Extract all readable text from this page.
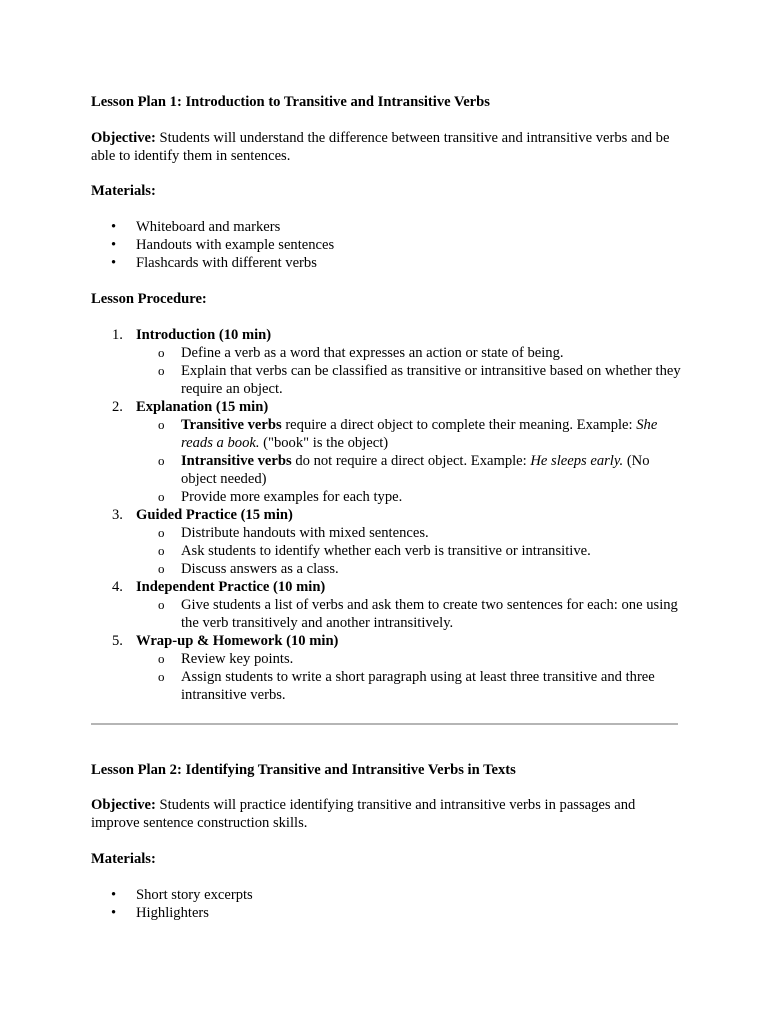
Lesson Plan 1: Introduction to Transitive and Intransitive Verbs
Objective: Students will understand the difference between transitive and intransitive verbs and be able to identify them in sentences.
Materials:
• Whiteboard and markers
• Handouts with example sentences
• Flashcards with different verbs
Lesson Procedure:
1. Introduction (10 min)
o Define a verb as a word that expresses an action or state of being.
o Explain that verbs can be classified as transitive or intransitive based on whether they require an object.
2. Explanation (15 min)
o Transitive verbs require a direct object to complete their meaning. Example: She reads a book. ("book" is the object)
o Intransitive verbs do not require a direct object. Example: He sleeps early. (No object needed)
o Provide more examples for each type.
3. Guided Practice (15 min)
o Distribute handouts with mixed sentences.
o Ask students to identify whether each verb is transitive or intransitive.
o Discuss answers as a class.
4. Independent Practice (10 min)
o Give students a list of verbs and ask them to create two sentences for each: one using the verb transitively and another intransitively.
5. Wrap-up & Homework (10 min)
o Review key points.
o Assign students to write a short paragraph using at least three transitive and three intransitive verbs.
Lesson Plan 2: Identifying Transitive and Intransitive Verbs in Texts
Objective: Students will practice identifying transitive and intransitive verbs in passages and improve sentence construction skills.
Materials:
• Short story excerpts
• Highlighters
